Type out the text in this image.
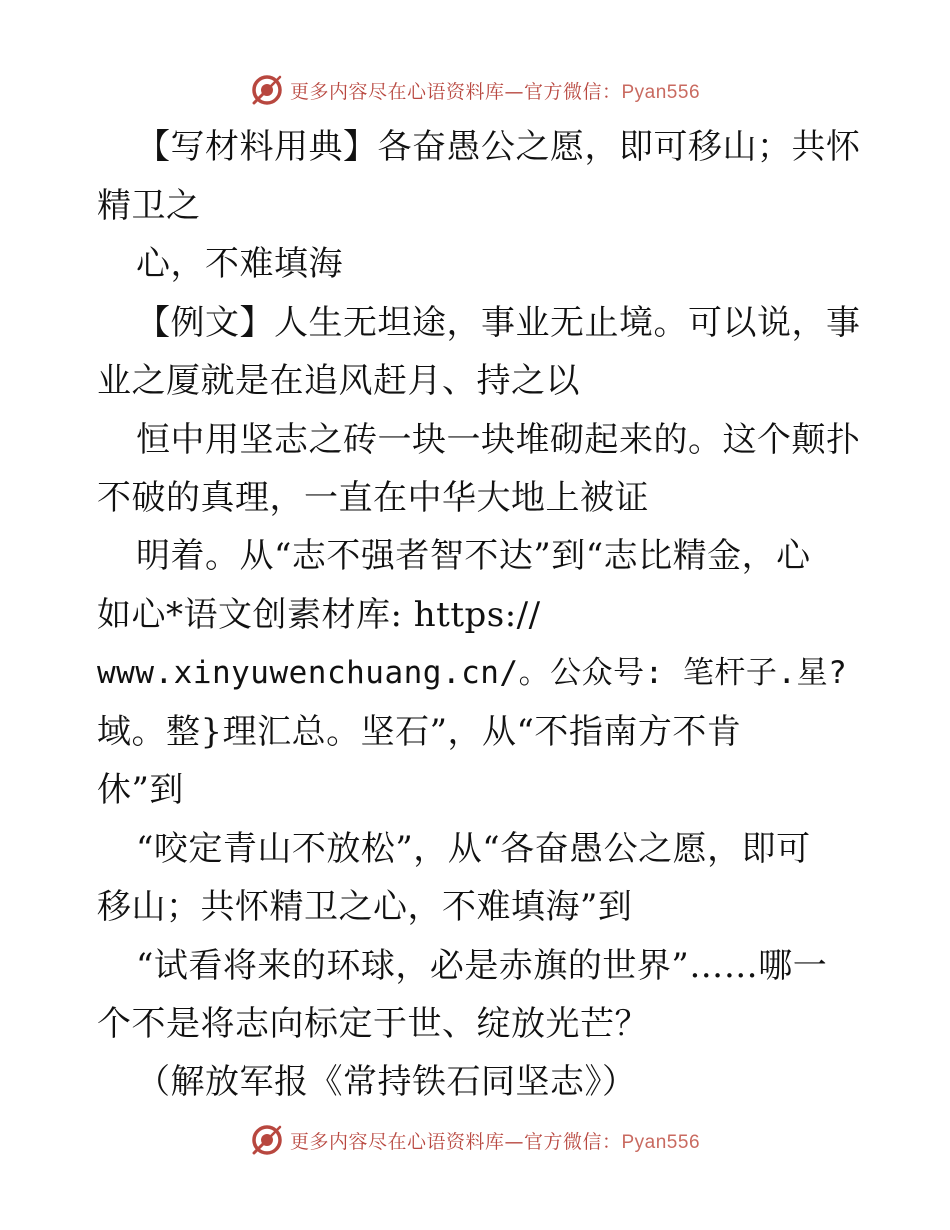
更多内容尽在心语资料库—官方微信：Pyan556
【写材料用典】各奋愚公之愿，即可移山；共怀
精卫之
心，不难填海
【例文】人生无坦途，事业无止境。可以说，事
业之厦就是在追风赶月、持之以
恒中用坚志之砖一块一块堆砌起来的。这个颠扑
不破的真理，一直在中华大地上被证
明着。从“志不强者智不达”到“志比精金，心
如心*语文创素材库: https://
www.xinyuwenchuang.cn/。公众号: 笔杆子.星?
域。整}理汇总。坚石”，从“不指南方不肯
休”到
“咬定青山不放松”，从“各奋愚公之愿，即可
移山；共怀精卫之心，不难填海”到
“试看将来的环球，必是赤旗的世界”……哪一
个不是将志向标定于世、绽放光芒？
（解放军报《常持铁石同坚志》）
更多内容尽在心语资料库—官方微信：Pyan556
